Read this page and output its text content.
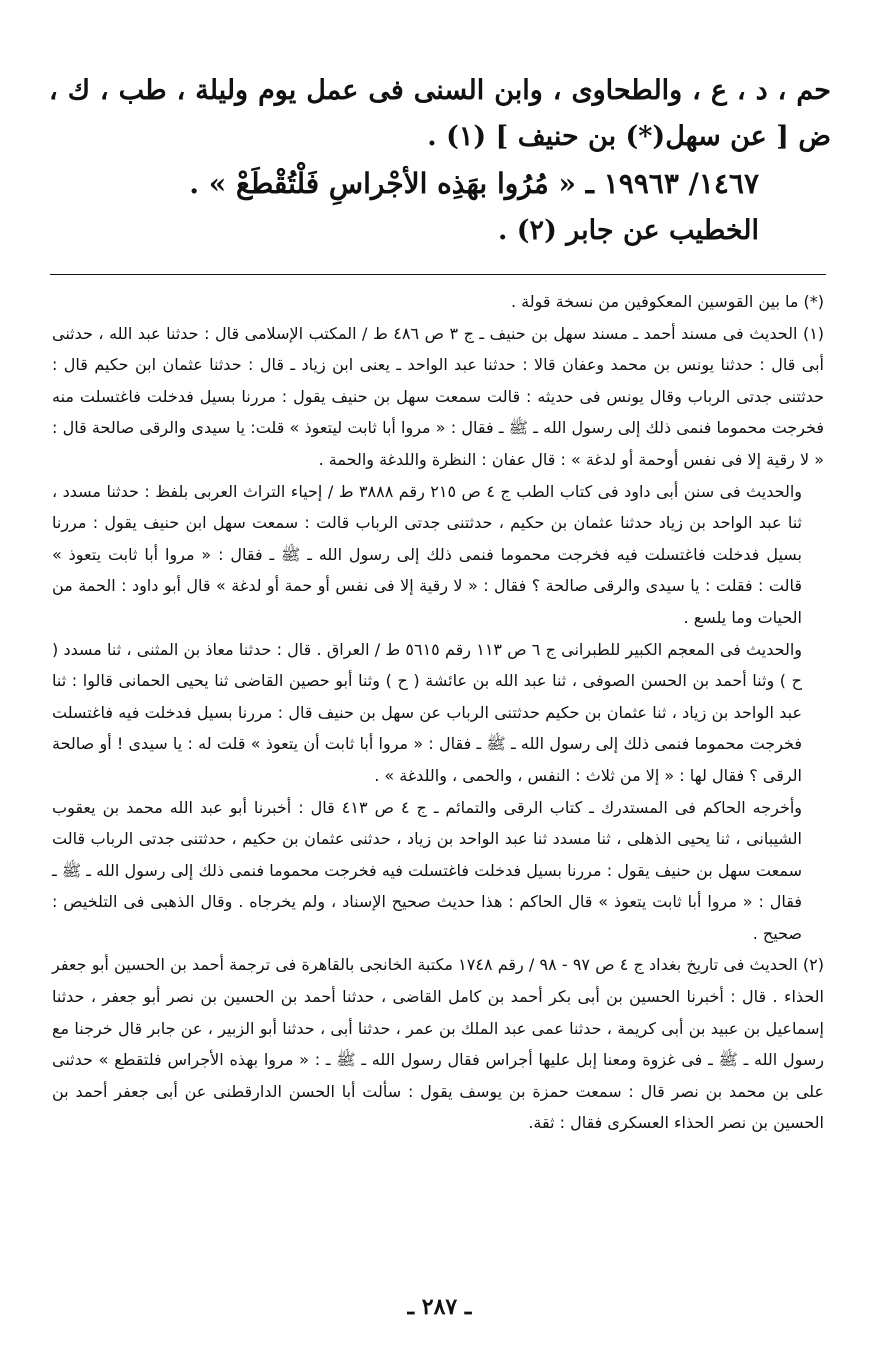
حم ، د ، ع ، والطحاوى ، وابن السنى فى عمل يوم وليلة ، طب ، ك ، ض [ عن سهل(*) بن حنيف ] (١) .

١٤٦٧/ ١٩٩٦٣ ـ « مُرُوا بهَذِه الأجْراسِ فَلْتُقْطَعْ » .

الخطيب عن جابر (٢) .

(*) ما بين القوسين المعكوفين من نسخة قولة .

(١) الحديث فى مسند أحمد ـ مسند سهل بن حنيف ـ ج ٣ ص ٤٨٦ ط / المكتب الإسلامى قال : حدثنا عبد الله ، حدثنى أبى قال : حدثنا يونس بن محمد وعفان قالا : حدثنا عبد الواحد ـ يعنى ابن زياد ـ قال : حدثنا عثمان ابن حكيم قال : حدثتنى جدتى الرباب وقال يونس فى حديثه : قالت سمعت سهل بن حنيف يقول : مررنا بسيل فدخلت فاغتسلت منه فخرجت محموما فنمى ذلك إلى رسول الله ـ ﷺ ـ فقال : « مروا أبا ثابت ليتعوذ » قلت: يا سيدى والرقى صالحة قال : « لا رقية إلا فى نفس أوحمة أو لدغة » : قال عفان : النظرة واللدغة والحمة .

والحديث فى سنن أبى داود فى كتاب الطب ج ٤ ص ٢١٥ رقم ٣٨٨٨ ط / إحياء التراث العربى بلفظ : حدثنا مسدد ، ثنا عبد الواحد بن زياد حدثنا عثمان بن حكيم ، حدثتنى جدتى الرباب قالت : سمعت سهل ابن حنيف يقول : مررنا بسيل فدخلت فاغتسلت فيه فخرجت محموما فنمى ذلك إلى رسول الله ـ ﷺ ـ فقال : « مروا أبا ثابت يتعوذ » قالت : فقلت : يا سيدى والرقى صالحة ؟ فقال : « لا رقية إلا فى نفس أو حمة أو لدغة » قال أبو داود : الحمة من الحيات وما يلسع .

والحديث فى المعجم الكبير للطبرانى ج ٦ ص ١١٣ رقم ٥٦١٥ ط / العراق . قال : حدثنا معاذ بن المثنى ، ثنا مسدد ( ح ) وثنا أحمد بن الحسن الصوفى ، ثنا عبد الله بن عائشة ( ح ) وثنا أبو حصين القاضى ثنا يحيى الحمانى قالوا : ثنا عبد الواحد بن زياد ، ثنا عثمان بن حكيم حدثتنى الرباب عن سهل بن حنيف قال : مررنا بسيل فدخلت فيه فاغتسلت فخرجت محموما فنمى ذلك إلى رسول الله ـ ﷺ ـ فقال : « مروا أبا ثابت أن يتعوذ » قلت له : يا سيدى ! أو صالحة الرقى ؟ فقال لها : « إلا من ثلاث : النفس ، والحمى ، واللدغة » .

وأخرجه الحاكم فى المستدرك ـ كتاب الرقى والتمائم ـ ج ٤ ص ٤١٣ قال : أخبرنا أبو عبد الله محمد بن يعقوب الشيبانى ، ثنا يحيى الذهلى ، ثنا مسدد ثنا عبد الواحد بن زياد ، حدثنى عثمان بن حكيم ، حدثتنى جدتى الرباب قالت سمعت سهل بن حنيف يقول : مررنا بسيل فدخلت فاغتسلت فيه فخرجت محموما فنمى ذلك إلى رسول الله ـ ﷺ ـ فقال : « مروا أبا ثابت يتعوذ » قال الحاكم : هذا حديث صحيح الإسناد ، ولم يخرجاه . وقال الذهبى فى التلخيص : صحيح .

(٢) الحديث فى تاريخ بغداد ج ٤ ص ٩٧ - ٩٨ / رقم ١٧٤٨ مكتبة الخانجى بالقاهرة فى ترجمة أحمد بن الحسين أبو جعفر الحذاء . قال : أخبرنا الحسين بن أبى بكر أحمد بن كامل القاضى ، حدثنا أحمد بن الحسين بن نصر أبو جعفر ، حدثنا إسماعيل بن عبيد بن أبى كريمة ، حدثنا عمى عبد الملك بن عمر ، حدثنا أبى ، حدثنا أبو الزبير ، عن جابر قال خرجنا مع رسول الله ـ ﷺ ـ فى غزوة ومعنا إبل عليها أجراس فقال رسول الله ـ ﷺ ـ : « مروا بهذه الأجراس فلتقطع » حدثنى على بن محمد بن نصر قال : سمعت حمزة بن يوسف يقول : سألت أبا الحسن الدارقطنى عن أبى جعفر أحمد بن الحسين بن نصر الحذاء العسكرى فقال : ثقة.

ـ ٢٨٧ ـ
